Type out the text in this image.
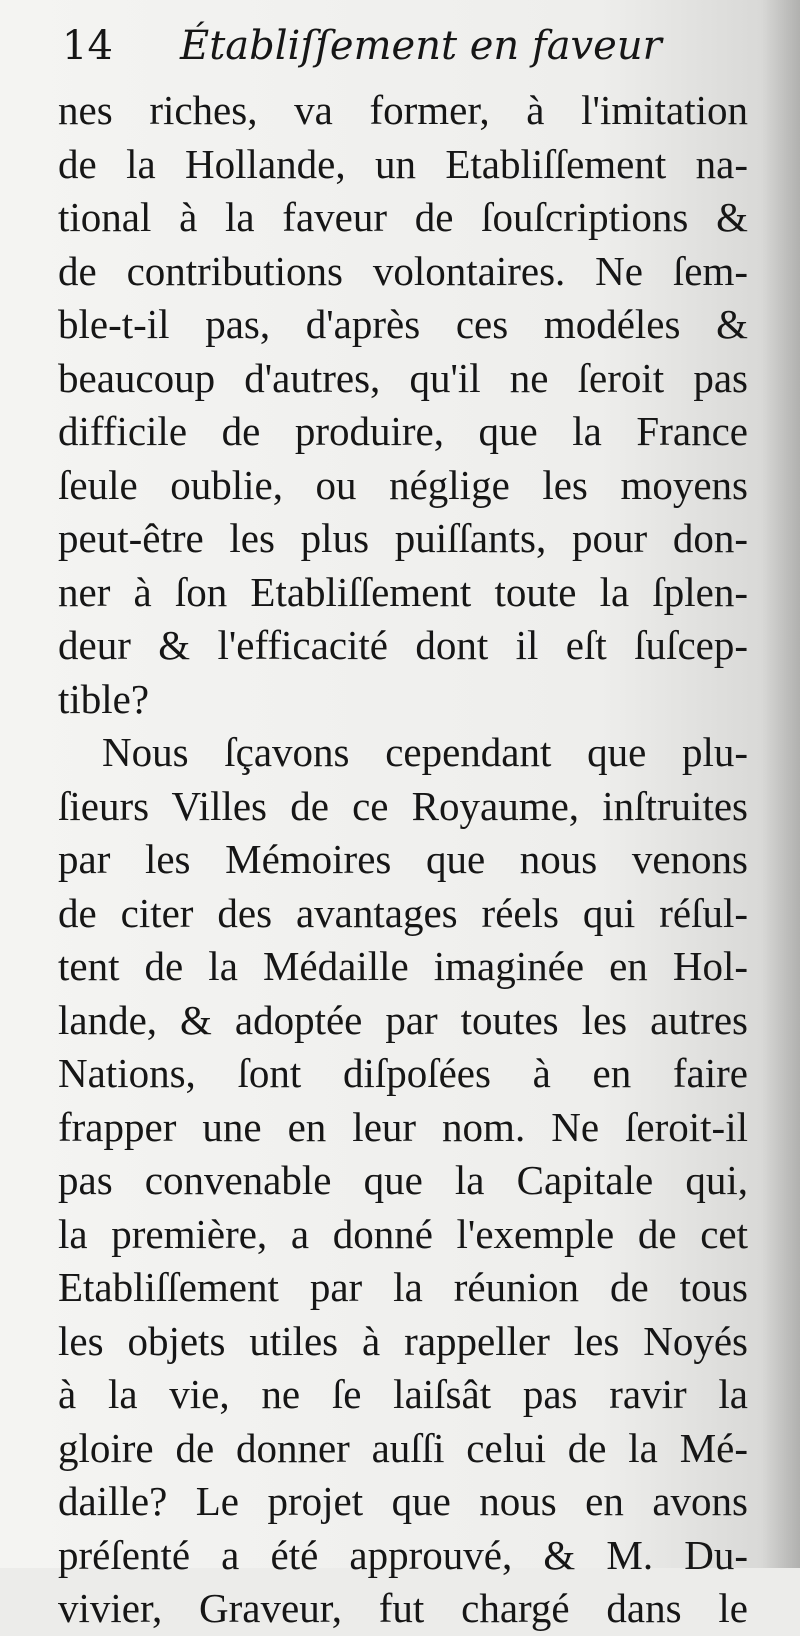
14 Établiſſement en faveur
nes riches, va former, à l'imitation
de la Hollande, un Etabliſſement na-
tional à la faveur de ſouſcriptions &
de contributions volontaires. Ne ſem-
ble-t-il pas, d'après ces modéles &
beaucoup d'autres, qu'il ne ſeroit pas
difficile de produire, que la France
ſeule oublie, ou néglige les moyens
peut-être les plus puiſſants, pour don-
ner à ſon Etabliſſement toute la ſplen-
deur & l'efficacité dont il eſt ſuſcep-
tible?
Nous ſçavons cependant que plu-
ſieurs Villes de ce Royaume, inſtruites
par les Mémoires que nous venons
de citer des avantages réels qui réſul-
tent de la Médaille imaginée en Hol-
lande, & adoptée par toutes les autres
Nations, ſont diſpoſées à en faire
frapper une en leur nom. Ne ſeroit-il
pas convenable que la Capitale qui,
la première, a donné l'exemple de cet
Etabliſſement par la réunion de tous
les objets utiles à rappeller les Noyés
à la vie, ne ſe laiſsât pas ravir la
gloire de donner auſſi celui de la Mé-
daille? Le projet que nous en avons
préſenté a été approuvé, & M. Du-
vivier, Graveur, fut chargé dans le
